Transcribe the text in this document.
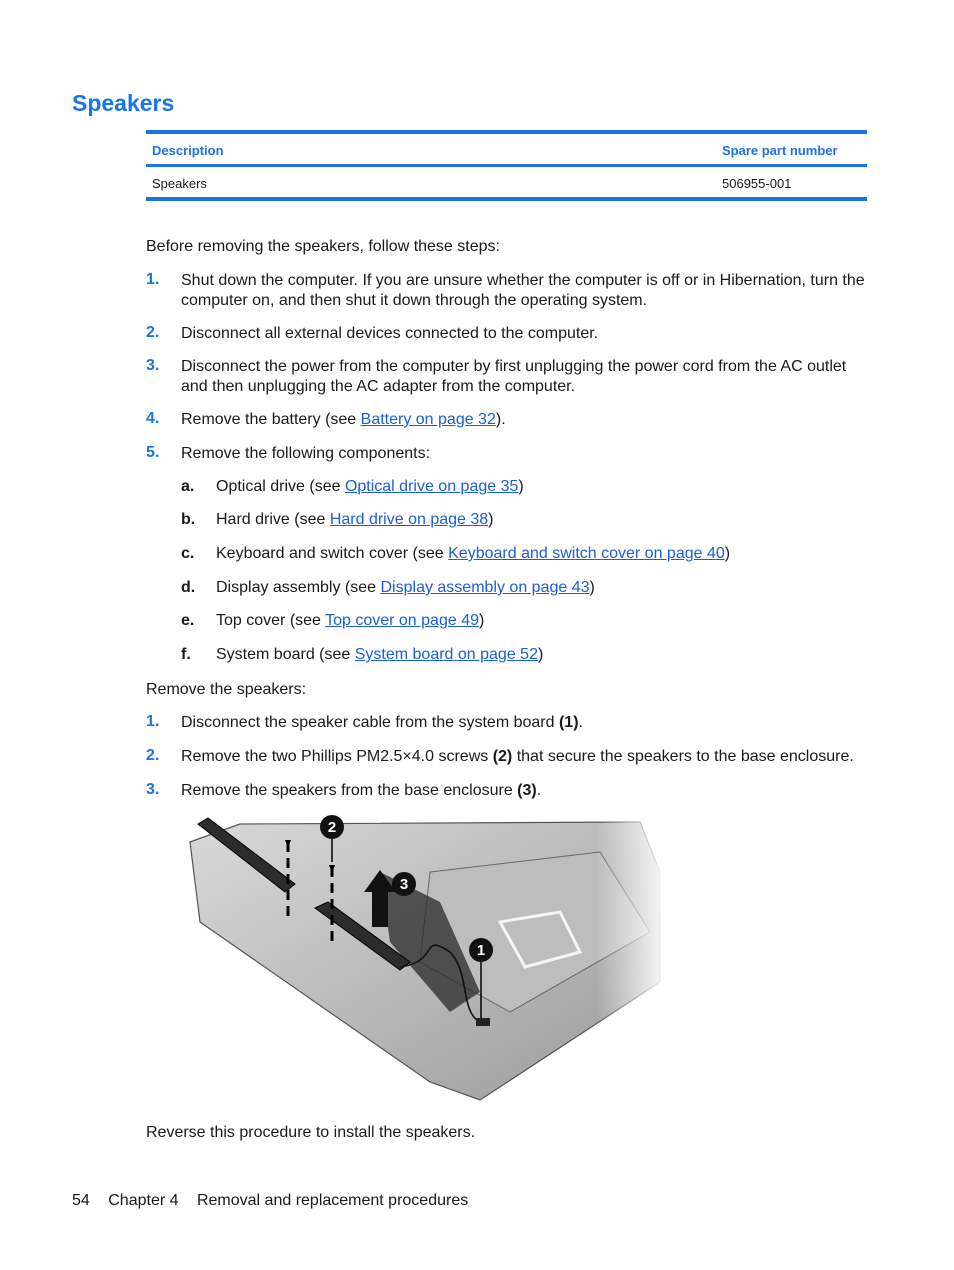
Speakers
Description	Spare part number
Speakers	506955-001
Before removing the speakers, follow these steps:
1. Shut down the computer. If you are unsure whether the computer is off or in Hibernation, turn the computer on, and then shut it down through the operating system.
2. Disconnect all external devices connected to the computer.
3. Disconnect the power from the computer by first unplugging the power cord from the AC outlet and then unplugging the AC adapter from the computer.
4. Remove the battery (see Battery on page 32).
5. Remove the following components:
a. Optical drive (see Optical drive on page 35)
b. Hard drive (see Hard drive on page 38)
c. Keyboard and switch cover (see Keyboard and switch cover on page 40)
d. Display assembly (see Display assembly on page 43)
e. Top cover (see Top cover on page 49)
f. System board (see System board on page 52)
Remove the speakers:
1. Disconnect the speaker cable from the system board (1).
2. Remove the two Phillips PM2.5×4.0 screws (2) that secure the speakers to the base enclosure.
3. Remove the speakers from the base enclosure (3).
Reverse this procedure to install the speakers.
54 Chapter 4 Removal and replacement procedures
